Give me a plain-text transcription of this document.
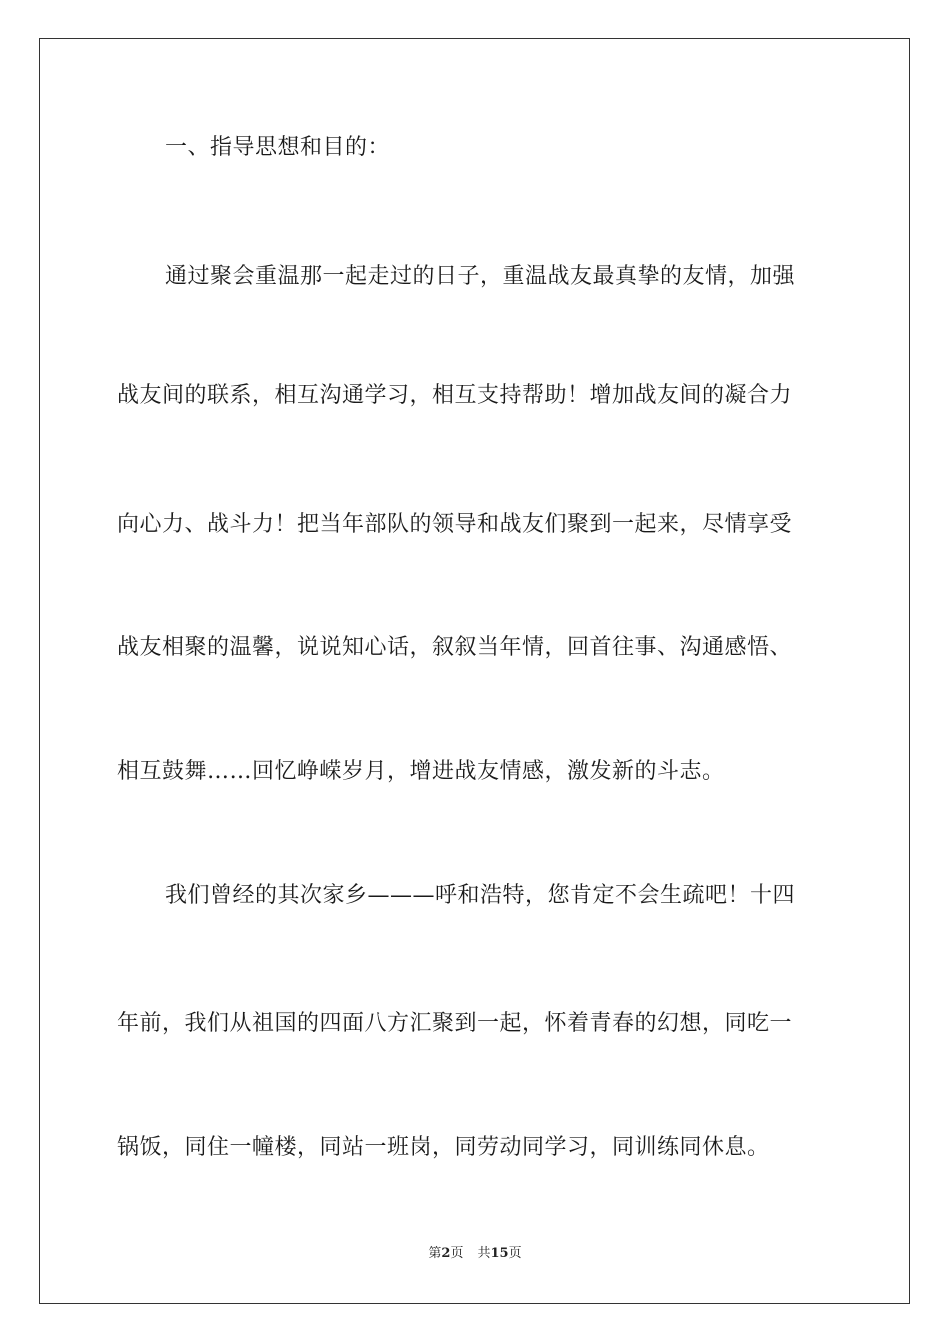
一、指导思想和目的：
通过聚会重温那一起走过的日子，重温战友最真挚的友情，加强
战友间的联系，相互沟通学习，相互支持帮助！增加战友间的凝合力
向心力、战斗力！把当年部队的领导和战友们聚到一起来，尽情享受
战友相聚的温馨，说说知心话，叙叙当年情，回首往事、沟通感悟、
相互鼓舞……回忆峥嵘岁月，增进战友情感，激发新的斗志。
我们曾经的其次家乡———呼和浩特，您肯定不会生疏吧！十四
年前，我们从祖国的四面八方汇聚到一起，怀着青春的幻想，同吃一
锅饭，同住一幢楼，同站一班岗，同劳动同学习，同训练同休息。
第2页 共15页
